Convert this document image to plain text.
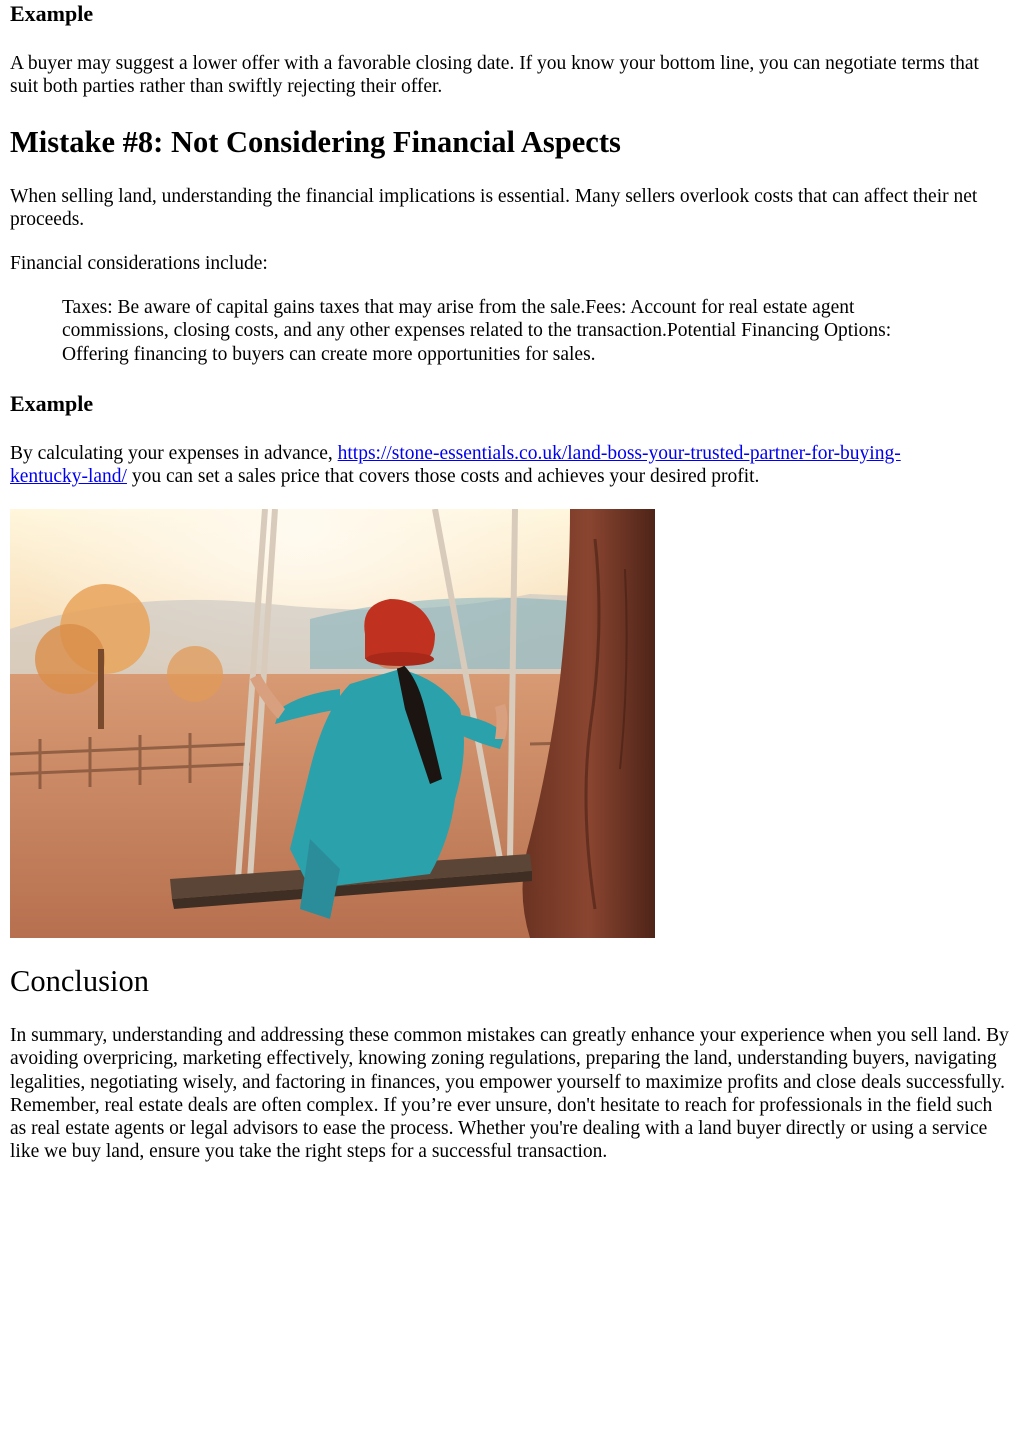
Example

A buyer may suggest a lower offer with a favorable closing date. If you know your bottom line, you can negotiate terms that suit both parties rather than swiftly rejecting their offer.

Mistake #8: Not Considering Financial Aspects

When selling land, understanding the financial implications is essential. Many sellers overlook costs that can affect their net proceeds.

Financial considerations include:

Taxes: Be aware of capital gains taxes that may arise from the sale.Fees: Account for real estate agent commissions, closing costs, and any other expenses related to the transaction.Potential Financing Options: Offering financing to buyers can create more opportunities for sales.
Example

By calculating your expenses in advance, https://stone-essentials.co.uk/land-boss-your-trusted-partner-for-buying-kentucky-land/ you can set a sales price that covers those costs and achieves your desired profit.

Conclusion

In summary, understanding and addressing these common mistakes can greatly enhance your experience when you sell land. By avoiding overpricing, marketing effectively, knowing zoning regulations, preparing the land, understanding buyers, navigating legalities, negotiating wisely, and factoring in finances, you empower yourself to maximize profits and close deals successfully. Remember, real estate deals are often complex. If you’re ever unsure, don't hesitate to reach for professionals in the field such as real estate agents or legal advisors to ease the process. Whether you're dealing with a land buyer directly or using a service like we buy land, ensure you take the right steps for a successful transaction.
